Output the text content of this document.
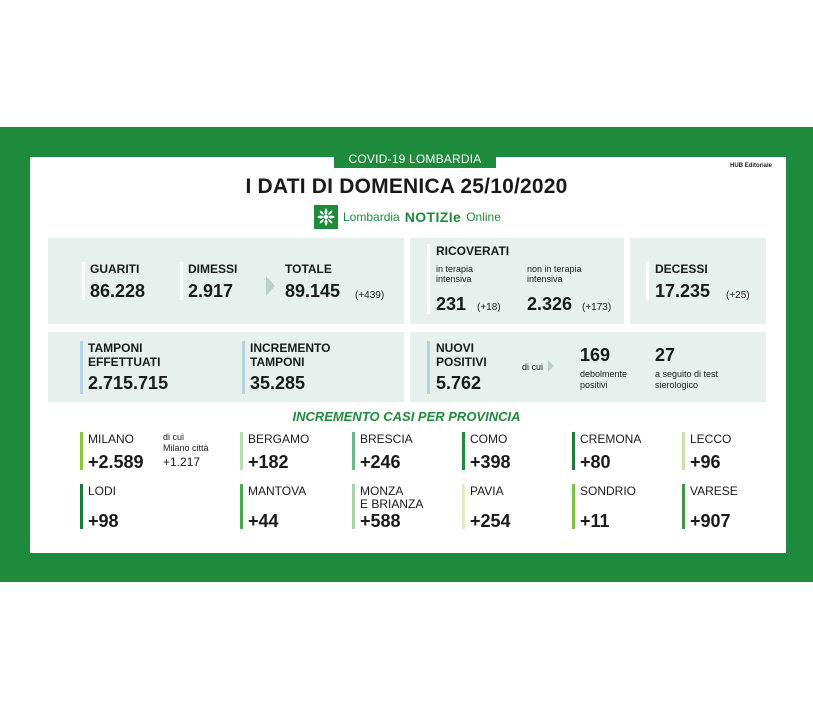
COVID-19 LOMBARDIA	HUB Editoriale
I DATI DI DOMENICA 25/10/2020
Lombardia NOTIZIe Online
GUARITI
86.228
DIMESSI
2.917
TOTALE
89.145 (+439)
RICOVERATI
in terapia
intensiva
231 (+18)
non in terapia
intensiva
2.326 (+173)
DECESSI
17.235 (+25)
TAMPONI
EFFETTUATI
2.715.715
INCREMENTO
TAMPONI
35.285
NUOVI
POSITIVI
5.762
di cui
169
debolmente
positivi
27
a seguito di test
sierologico
INCREMENTO CASI PER PROVINCIA
MILANO
+2.589
BERGAMO
+182
BRESCIA
+246
COMO
+398
CREMONA
+80
LECCO
+96
LODI
+98
MANTOVA
+44
MONZA
E BRIANZA
+588
PAVIA
+254
SONDRIO
+11
VARESE
+907
di cui
Milano città
+1.217
